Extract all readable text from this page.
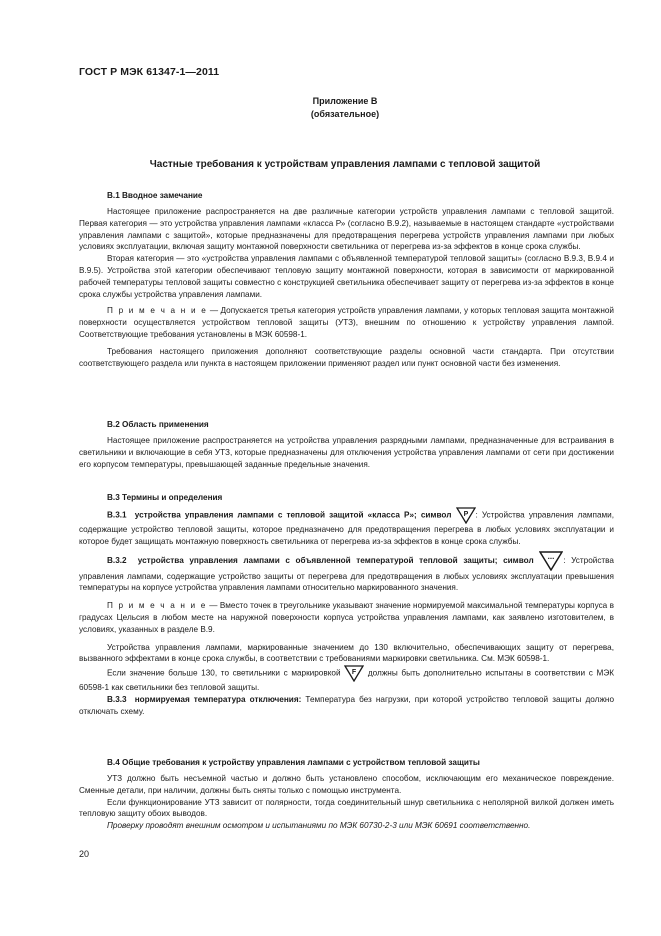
ГОСТ Р МЭК 61347-1—2011
Приложение В
(обязательное)
Частные требования к устройствам управления лампами с тепловой защитой
В.1 Вводное замечание

Настоящее приложение распространяется на две различные категории устройств управления лампами с тепловой защитой. Первая категория — это устройства управления лампами «класса Р» (согласно В.9.2), называемые в настоящем стандарте «устройствами управления лампами с защитой», которые предназначены для предотвращения перегрева устройств управления лампами при любых условиях эксплуатации, включая защиту монтажной поверхности светильника от перегрева из-за эффектов в конце срока службы.

Вторая категория — это «устройства управления лампами с объявленной температурой тепловой защиты» (согласно В.9.3, В.9.4 и В.9.5). Устройства этой категории обеспечивают тепловую защиту монтажной поверхности, которая в зависимости от маркированной рабочей температуры тепловой защиты совместно с конструкцией светильника обеспечивает защиту от перегрева из-за эффектов в конце срока службы устройства управления лампами.

П р и м е ч а н и е — Допускается третья категория устройств управления лампами, у которых тепловая защита монтажной поверхности осуществляется устройством тепловой защиты (УТЗ), внешним по отношению к устройству управления лампой. Соответствующие требования установлены в МЭК 60598-1.

Требования настоящего приложения дополняют соответствующие разделы основной части стандарта. При отсутствии соответствующего раздела или пункта в настоящем приложении применяют раздел или пункт основной части без изменения.

В.2 Область применения

Настоящее приложение распространяется на устройства управления разрядными лампами, предназначенные для встраивания в светильники и включающие в себя УТЗ, которые предназначены для отключения устройства управления лампами от сети при достижении его корпусом температуры, превышающей заданные предельные значения.

В.3 Термины и определения

В.3.1 устройства управления лампами с тепловой защитой «класса Р»; символ P : Устройства управления лампами, содержащие устройство тепловой защиты, которое предназначено для предотвращения перегрева в любых условиях эксплуатации и которое будет защищать монтажную поверхность светильника от перегрева из-за эффектов в конце срока службы.

В.3.2 устройства управления лампами с объявленной температурой тепловой защиты; символ ... : Устройства управления лампами, содержащие устройство защиты от перегрева для предотвращения в любых условиях эксплуатации превышения температуры на корпусе устройства управления лампами относительно маркированного значения.

П р и м е ч а н и е — Вместо точек в треугольнике указывают значение нормируемой максимальной температуры корпуса в градусах Цельсия в любом месте на наружной поверхности корпуса устройства управления лампами, как заявлено изготовителем, в условиях, указанных в разделе В.9.

Устройства управления лампами, маркированные значением до 130 включительно, обеспечивающих защиту от перегрева, вызванного эффектами в конце срока службы, в соответствии с требованиями маркировки светильника. См. МЭК 60598-1.

Если значение больше 130, то светильники с маркировкой F должны быть дополнительно испытаны в соответствии с МЭК 60598-1 как светильники без тепловой защиты.

В.3.3 нормируемая температура отключения: Температура без нагрузки, при которой устройство тепловой защиты должно отключать схему.

В.4 Общие требования к устройству управления лампами с устройством тепловой защиты

УТЗ должно быть несъемной частью и должно быть установлено способом, исключающим его механическое повреждение. Сменные детали, при наличии, должны быть сняты только с помощью инструмента.

Если функционирование УТЗ зависит от полярности, тогда соединительный шнур светильника с неполярной вилкой должен иметь тепловую защиту обоих выводов.

Проверку проводят внешним осмотром и испытаниями по МЭК 60730-2-3 или МЭК 60691 соответственно.

20
